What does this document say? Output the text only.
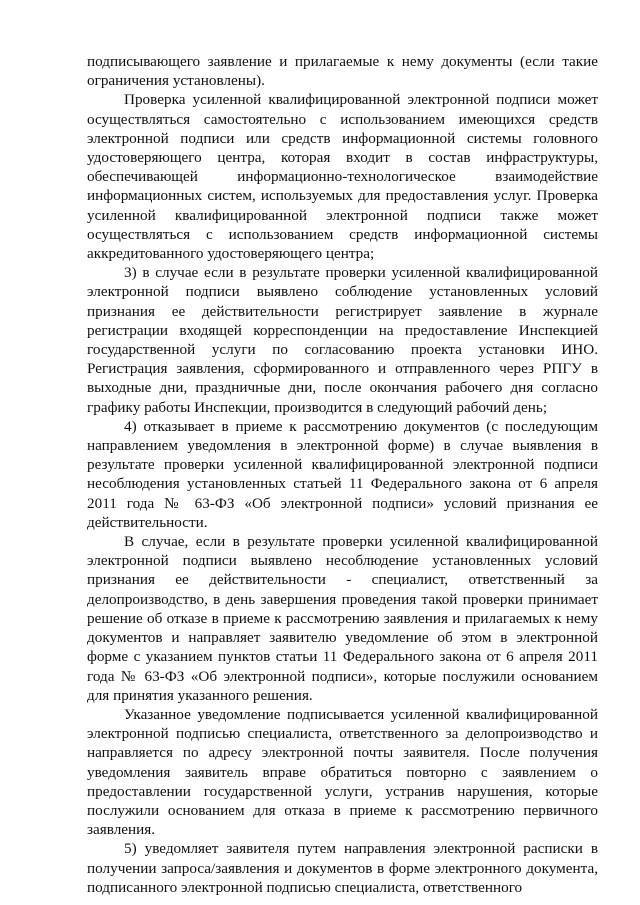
подписывающего заявление и прилагаемые к нему документы (если такие ограничения установлены).

Проверка усиленной квалифицированной электронной подписи может осуществляться самостоятельно с использованием имеющихся средств электронной подписи или средств информационной системы головного удостоверяющего центра, которая входит в состав инфраструктуры, обеспечивающей информационно-технологическое взаимодействие информационных систем, используемых для предоставления услуг. Проверка усиленной квалифицированной электронной подписи также может осуществляться с использованием средств информационной системы аккредитованного удостоверяющего центра;

3) в случае если в результате проверки усиленной квалифицированной электронной подписи выявлено соблюдение установленных условий признания ее действительности регистрирует заявление в журнале регистрации входящей корреспонденции на предоставление Инспекцией государственной услуги по согласованию проекта установки ИНО. Регистрация заявления, сформированного и отправленного через РПГУ в выходные дни, праздничные дни, после окончания рабочего дня согласно графику работы Инспекции, производится в следующий рабочий день;

4) отказывает в приеме к рассмотрению документов (с последующим направлением уведомления в электронной форме) в случае выявления в результате проверки усиленной квалифицированной электронной подписи несоблюдения установленных статьей 11 Федерального закона от 6 апреля 2011 года № 63-ФЗ «Об электронной подписи» условий признания ее действительности.

В случае, если в результате проверки усиленной квалифицированной электронной подписи выявлено несоблюдение установленных условий признания ее действительности - специалист, ответственный за делопроизводство, в день завершения проведения такой проверки принимает решение об отказе в приеме к рассмотрению заявления и прилагаемых к нему документов и направляет заявителю уведомление об этом в электронной форме с указанием пунктов статьи 11 Федерального закона от 6 апреля 2011 года № 63-ФЗ «Об электронной подписи», которые послужили основанием для принятия указанного решения.

Указанное уведомление подписывается усиленной квалифицированной электронной подписью специалиста, ответственного за делопроизводство и направляется по адресу электронной почты заявителя. После получения уведомления заявитель вправе обратиться повторно с заявлением о предоставлении государственной услуги, устранив нарушения, которые послужили основанием для отказа в приеме к рассмотрению первичного заявления.

5) уведомляет заявителя путем направления электронной расписки в получении запроса/заявления и документов в форме электронного документа, подписанного электронной подписью специалиста, ответственного
